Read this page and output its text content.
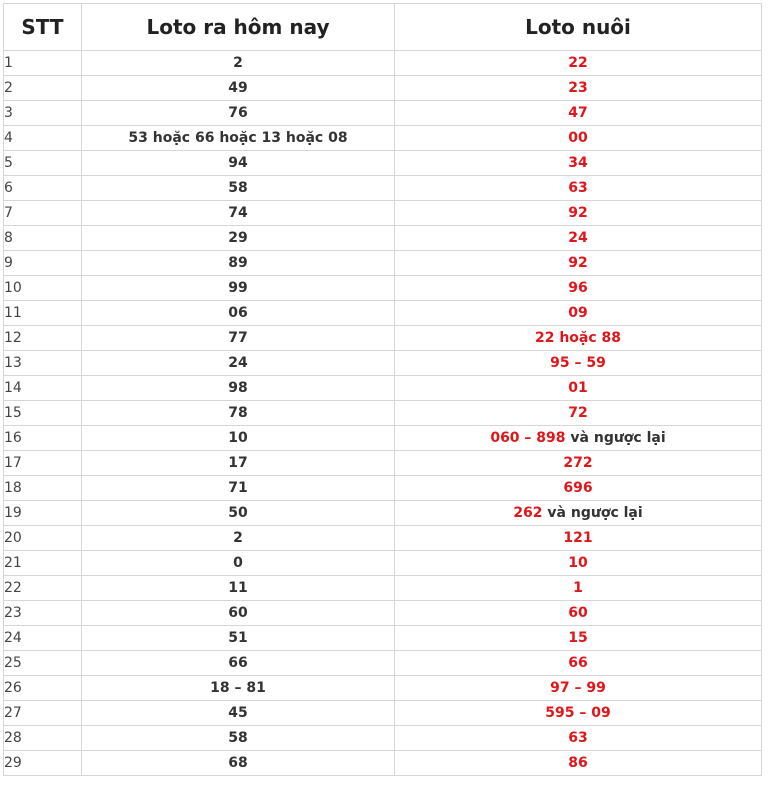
STT	Loto ra hôm nay	Loto nuôi
1	2	22
2	49	23
3	76	47
4	53 hoặc 66 hoặc 13 hoặc 08	00
5	94	34
6	58	63
7	74	92
8	29	24
9	89	92
10	99	96
11	06	09
12	77	22 hoặc 88
13	24	95 – 59
14	98	01
15	78	72
16	10	060 – 898 và ngược lại
17	17	272
18	71	696
19	50	262 và ngược lại
20	2	121
21	0	10
22	11	1
23	60	60
24	51	15
25	66	66
26	18 – 81	97 – 99
27	45	595 – 09
28	58	63
29	68	86
